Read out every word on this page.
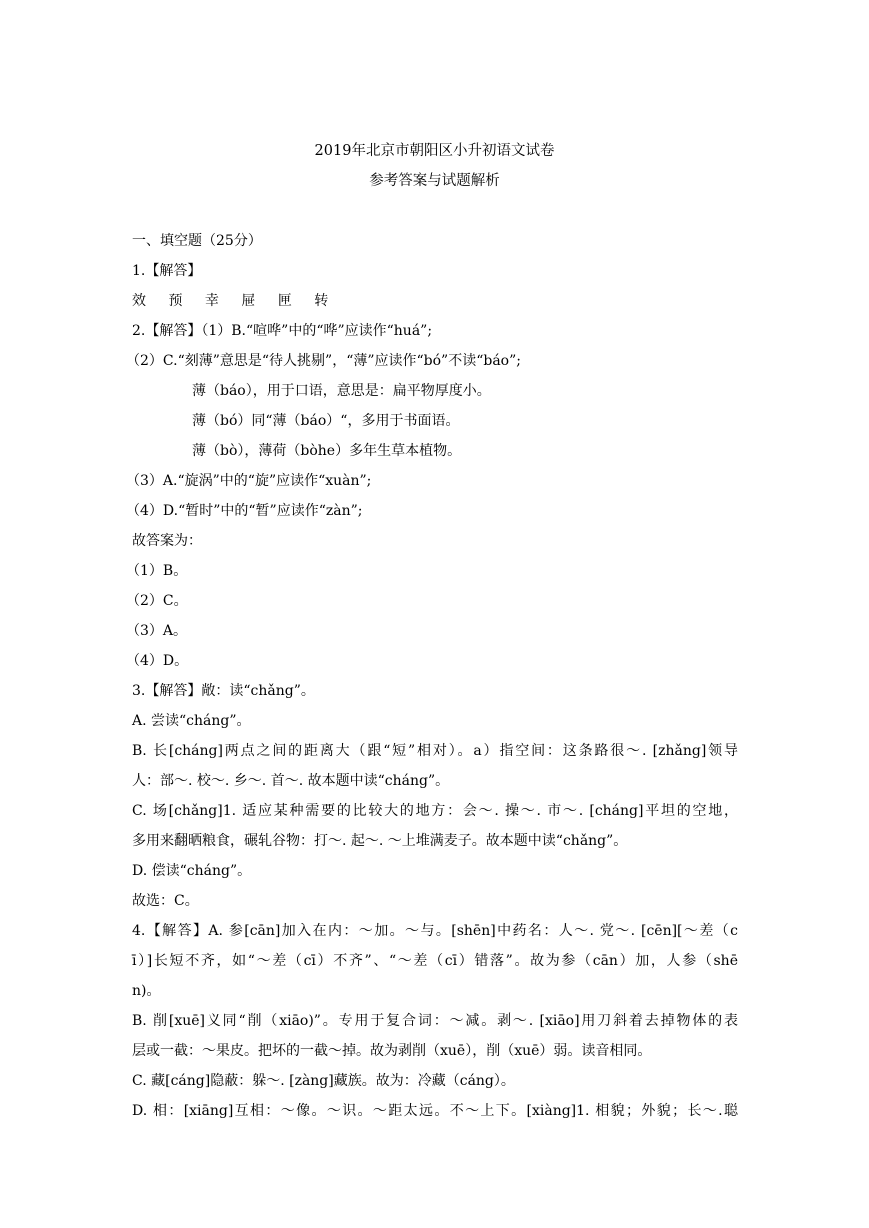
2019年北京市朝阳区小升初语文试卷
参考答案与试题解析
一、填空题（25分）
1.【解答】
效 预 幸 屉 匣 转
2.【解答】（1）B.“喧哗”中的“哗”应读作“huá”;
（2）C.“刻薄”意思是“待人挑剔”，“薄”应读作“bó”不读“báo”;
薄（báo），用于口语，意思是：扁平物厚度小。
薄（bó）同“薄（báo）“，多用于书面语。
薄（bò），薄荷（bòhe）多年生草本植物。
（3）A.“旋涡”中的“旋”应读作“xuàn”;
（4）D.“暂时”中的“暂”应读作“zàn”;
故答案为：
（1）B。
（2）C。
（3）A。
（4）D。
3.【解答】敞：读“chǎng”。
A. 尝读“cháng”。
B. 长[cháng]两点之间的距离大（跟“短”相对）。a）指空间：这条路很～. [zhǎng]领导
人：部～. 校～. 乡～. 首～. 故本题中读“cháng”。
C. 场[chǎng]1. 适应某种需要的比较大的地方：会～. 操～. 市～. [cháng]平坦的空地，
多用来翻晒粮食，碾轧谷物：打～. 起～. ～上堆满麦子。故本题中读“chǎng”。
D. 偿读“cháng”。
故选：C。
4.【解答】A. 参[cān]加入在内：～加。～与。[shēn]中药名：人～. 党～. [cēn][～差（c
ī）]长短不齐，如“～差（cī）不齐”、“～差（cī）错落”。故为参（cān）加，人参（shē
n)。
B. 削[xuē]义同“削（xiāo)”。专用于复合词：～减。剥～. [xiāo]用刀斜着去掉物体的表
层或一截：～果皮。把坏的一截～掉。故为剥削（xuē），削（xuē）弱。读音相同。
C. 藏[cáng]隐蔽：躲～. [zàng]藏族。故为：冷藏（cáng）。
D. 相：[xiāng]互相：～像。～识。～距太远。不～上下。[xiàng]1. 相貌；外貌；长～.聪
